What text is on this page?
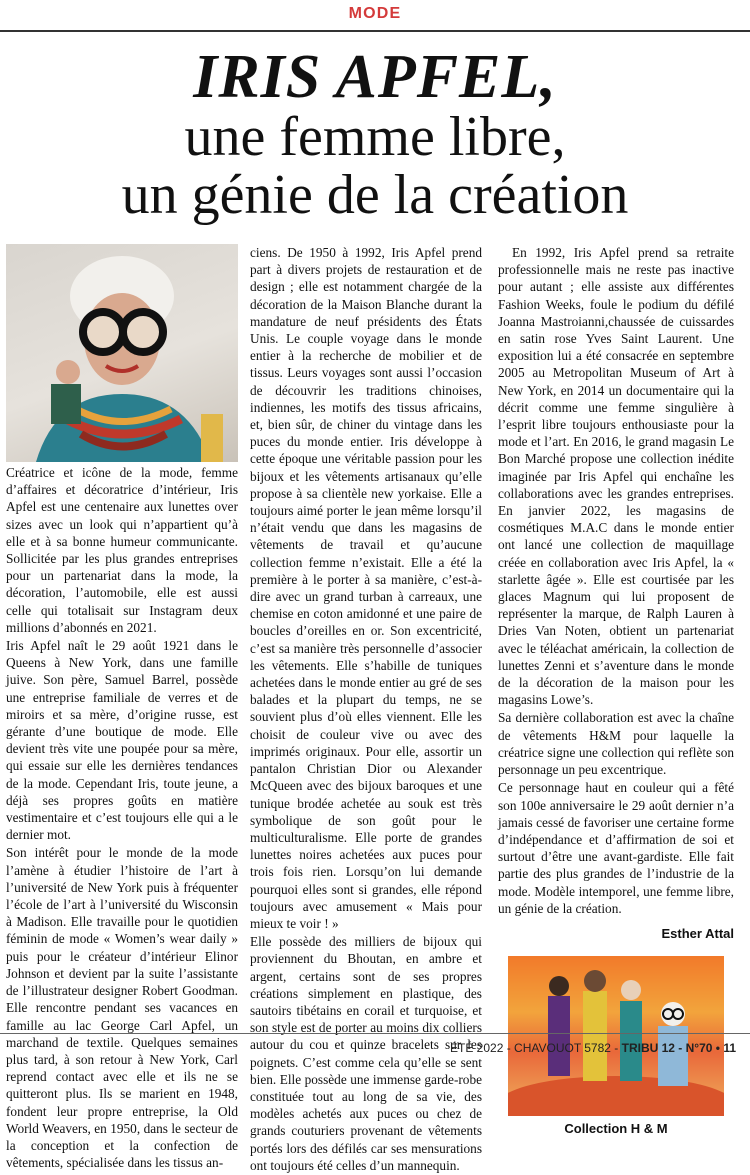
MODE
IRIS APFEL,
une femme libre,
un génie de la création

Créatrice et icône de la mode, femme d’affaires et décoratrice d’intérieur, Iris Apfel est une centenaire aux lunettes over sizes avec un look qui n’appartient qu’à elle et à sa bonne humeur communicante. Sollicitée par les plus grandes entreprises pour un partenariat dans la mode, la décoration, l’automobile, elle est aussi celle qui totalisait sur Instagram deux millions d’abonnés en 2021.

Iris Apfel naît le 29 août 1921 dans le Queens à New York, dans une famille juive. Son père, Samuel Barrel, possède une entreprise familiale de verres et de miroirs et sa mère, d’origine russe, est gérante d’une boutique de mode. Elle devient très vite une poupée pour sa mère, qui essaie sur elle les dernières tendances de la mode. Cependant Iris, toute jeune, a déjà ses propres goûts en matière vestimentaire et c’est toujours elle qui a le dernier mot.

Son intérêt pour le monde de la mode l’amène à étudier l’histoire de l’art à l’université de New York puis à fréquenter l’école de l’art à l’université du Wisconsin à Madison. Elle travaille pour le quotidien féminin de mode « Women’s wear daily » puis pour le créateur d’intérieur Elinor Johnson et devient par la suite l’assistante de l’illustrateur designer Robert Goodman. Elle rencontre pendant ses vacances en famille au lac George Carl Apfel, un marchand de textile. Quelques semaines plus tard, à son retour à New York, Carl reprend contact avec elle et ils ne se quitteront plus. Ils se marient en 1948, fondent leur propre entreprise, la Old World Weavers, en 1950, dans le secteur de la conception et la confection de vêtements, spécialisée dans les tissus an-

ciens. De 1950 à 1992, Iris Apfel prend part à divers projets de restauration et de design ; elle est notamment chargée de la décoration de la Maison Blanche durant la mandature de neuf présidents des États Unis. Le couple voyage dans le monde entier à la recherche de mobilier et de tissus. Leurs voyages sont aussi l’occasion de découvrir les traditions chinoises, indiennes, les motifs des tissus africains, et, bien sûr, de chiner du vintage dans les puces du monde entier. Iris développe à cette époque une véritable passion pour les bijoux et les vêtements artisanaux qu’elle propose à sa clientèle new yorkaise. Elle a toujours aimé porter le jean même lorsqu’il n’était vendu que dans les magasins de vêtements de travail et qu’aucune collection femme n’existait. Elle a été la première à le porter à sa manière, c’est-à-dire avec un grand turban à carreaux, une chemise en coton amidonné et une paire de boucles d’oreilles en or. Son excentricité, c’est sa manière très personnelle d’associer les vêtements. Elle s’habille de tuniques achetées dans le monde entier au gré de ses balades et la plupart du temps, ne se souvient plus d’où elles viennent. Elle les choisit de couleur vive ou avec des imprimés originaux. Pour elle, assortir un pantalon Christian Dior ou Alexander McQueen avec des bijoux baroques et une tunique brodée achetée au souk est très symbolique de son goût pour le multiculturalisme. Elle porte de grandes lunettes noires achetées aux puces pour trois fois rien. Lorsqu’on lui demande pourquoi elles sont si grandes, elle répond toujours avec amusement « Mais pour mieux te voir ! »

Elle possède des milliers de bijoux qui proviennent du Bhoutan, en ambre et argent, certains sont de ses propres créations simplement en plastique, des sautoirs tibétains en corail et turquoise, et son style est de porter au moins dix colliers autour du cou et quinze bracelets sur les poignets. C’est comme cela qu’elle se sent bien. Elle possède une immense garde-robe constituée tout au long de sa vie, des modèles achetés aux puces ou chez de grands couturiers provenant de vêtements portés lors des défilés car ses mensurations ont toujours été celles d’un mannequin.

En 1992, Iris Apfel prend sa retraite professionnelle mais ne reste pas inactive pour autant ; elle assiste aux différentes Fashion Weeks, foule le podium du défilé Joanna Mastroianni,chaussée de cuissardes en satin rose Yves Saint Laurent. Une exposition lui a été consacrée en septembre 2005 au Metropolitan Museum of Art à New York, en 2014 un documentaire qui la décrit comme une femme singulière à l’esprit libre toujours enthousiaste pour la mode et l’art. En 2016, le grand magasin Le Bon Marché propose une collection inédite imaginée par Iris Apfel qui enchaîne les collaborations avec les grandes entreprises. En janvier 2022, les magasins de cosmétiques M.A.C dans le monde entier ont lancé une collection de maquillage créée en collaboration avec Iris Apfel, la « starlette âgée ». Elle est courtisée par les glaces Magnum qui lui proposent de représenter la marque, de Ralph Lauren à Dries Van Noten, obtient un partenariat avec le téléachat américain, la collection de lunettes Zenni et s’aventure dans le monde de la décoration de la maison pour les magasins Lowe’s.

Sa dernière collaboration est avec la chaîne de vêtements H&M pour laquelle la créatrice signe une collection qui reflète son personnage un peu excentrique.

Ce personnage haut en couleur qui a fêté son 100e anniversaire le 29 août dernier n’a jamais cessé de favoriser une certaine forme d’indépendance et d’affirmation de soi et surtout d’être une avant-gardiste. Elle fait partie des plus grandes de l’industrie de la mode. Modèle intemporel, une femme libre, un génie de la création.

Esther Attal
Collection H & M
ÉTÉ 2022 - CHAVOUOT 5782 - TRIBU 12 - N°70 • 11
